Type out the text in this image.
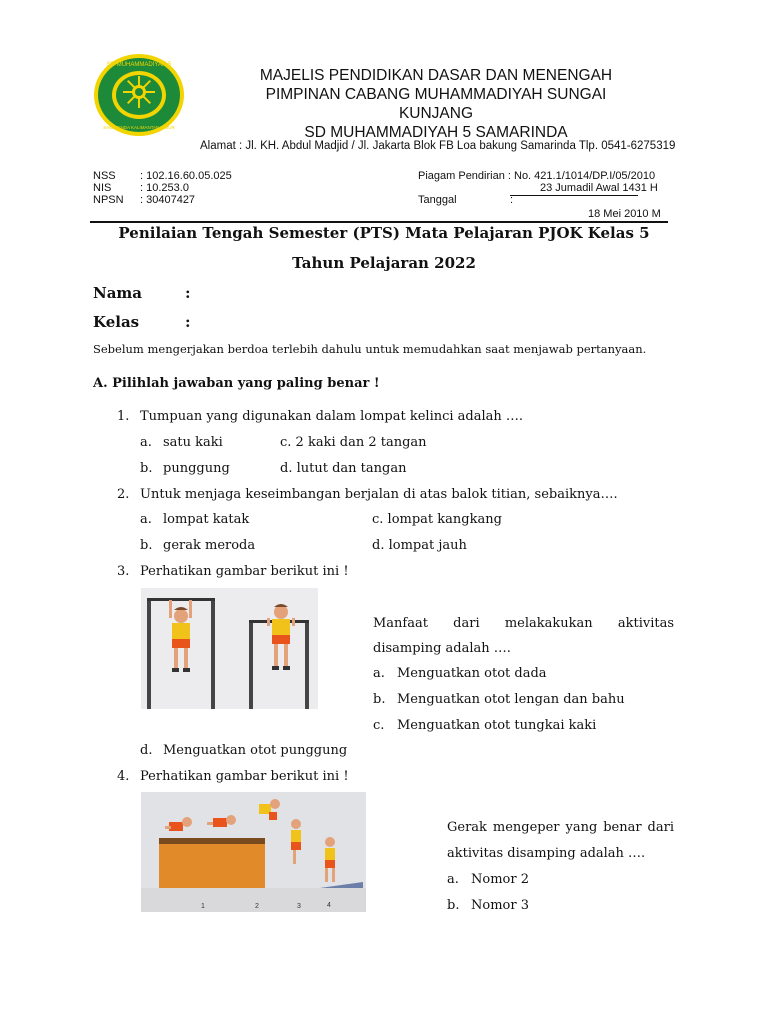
SD MUHAMMADIYAH 5
SAMARINDA KALIMANTAN TIMUR
MAJELIS PENDIDIKAN DASAR DAN MENENGAH
PIMPINAN CABANG MUHAMMADIYAH SUNGAI
KUNJANG
SD MUHAMMADIYAH 5 SAMARINDA
Alamat : Jl. KH. Abdul Madjid / Jl. Jakarta Blok FB Loa bakung Samarinda Tlp. 0541-6275319
NSS : 102.16.60.05.025
NIS	: 10.253.0
NPSN : 30407427
Piagam Pendirian : No. 421.1/1014/DP.I/05/2010
23 Jumadil Awal 1431 H
Tanggal	:
18 Mei 2010 M
Penilaian Tengah Semester (PTS) Mata Pelajaran PJOK Kelas 5
Tahun Pelajaran 2022
Nama	:
Kelas	:
Sebelum mengerjakan berdoa terlebih dahulu untuk memudahkan saat menjawab pertanyaan.
A. Pilihlah jawaban yang paling benar !
1. Tumpuan yang digunakan dalam lompat kelinci adalah ….
a. satu kaki	c. 2 kaki dan 2 tangan
b. punggung	d. lutut dan tangan
2. Untuk menjaga keseimbangan berjalan di atas balok titian, sebaiknya….
a. lompat katak	c. lompat kangkang
b. gerak meroda	d. lompat jauh
3. Perhatikan gambar berikut ini !
Manfaat dari melakakukan aktivitas
disamping adalah ….
a. Menguatkan otot dada
b. Menguatkan otot lengan dan bahu
c. Menguatkan otot tungkai kaki
d. Menguatkan otot punggung
4. Perhatikan gambar berikut ini !
1	2	3	4
Gerak mengeper yang benar dari
aktivitas disamping adalah ….
a. Nomor 2
b. Nomor 3
